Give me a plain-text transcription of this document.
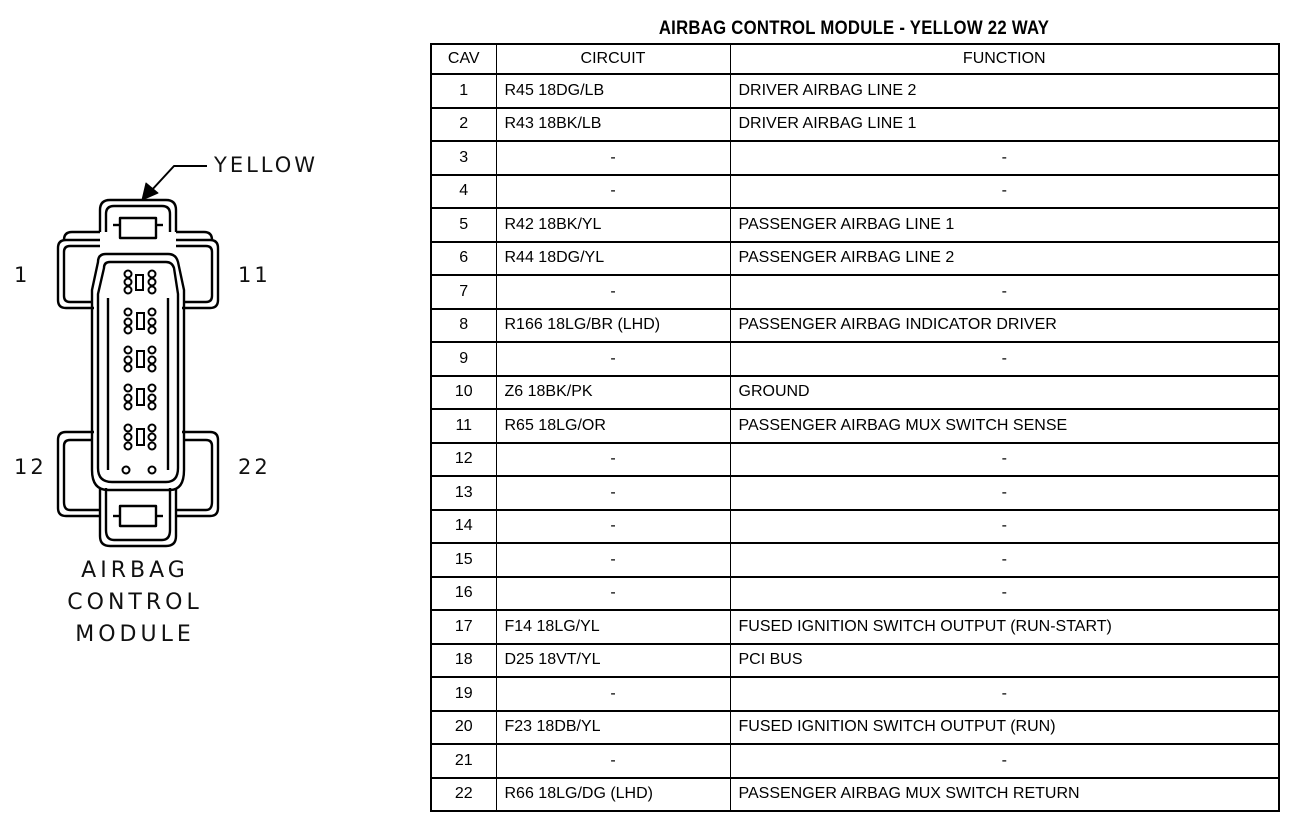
YELLOW
1	11
12	22
AIRBAG
CONTROL
MODULE
AIRBAG CONTROL MODULE - YELLOW 22 WAY
CAV	CIRCUIT	FUNCTION
1	R45 18DG/LB	DRIVER AIRBAG LINE 2
2	R43 18BK/LB	DRIVER AIRBAG LINE 1
3	-	-
4	-	-
5	R42 18BK/YL	PASSENGER AIRBAG LINE 1
6	R44 18DG/YL	PASSENGER AIRBAG LINE 2
7	-	-
8	R166 18LG/BR (LHD)	PASSENGER AIRBAG INDICATOR DRIVER
9	-	-
10	Z6 18BK/PK	GROUND
11	R65 18LG/OR	PASSENGER AIRBAG MUX SWITCH SENSE
12	-	-
13	-	-
14	-	-
15	-	-
16	-	-
17	F14 18LG/YL	FUSED IGNITION SWITCH OUTPUT (RUN-START)
18	D25 18VT/YL	PCI BUS
19	-	-
20	F23 18DB/YL	FUSED IGNITION SWITCH OUTPUT (RUN)
21	-	-
22	R66 18LG/DG (LHD)	PASSENGER AIRBAG MUX SWITCH RETURN
